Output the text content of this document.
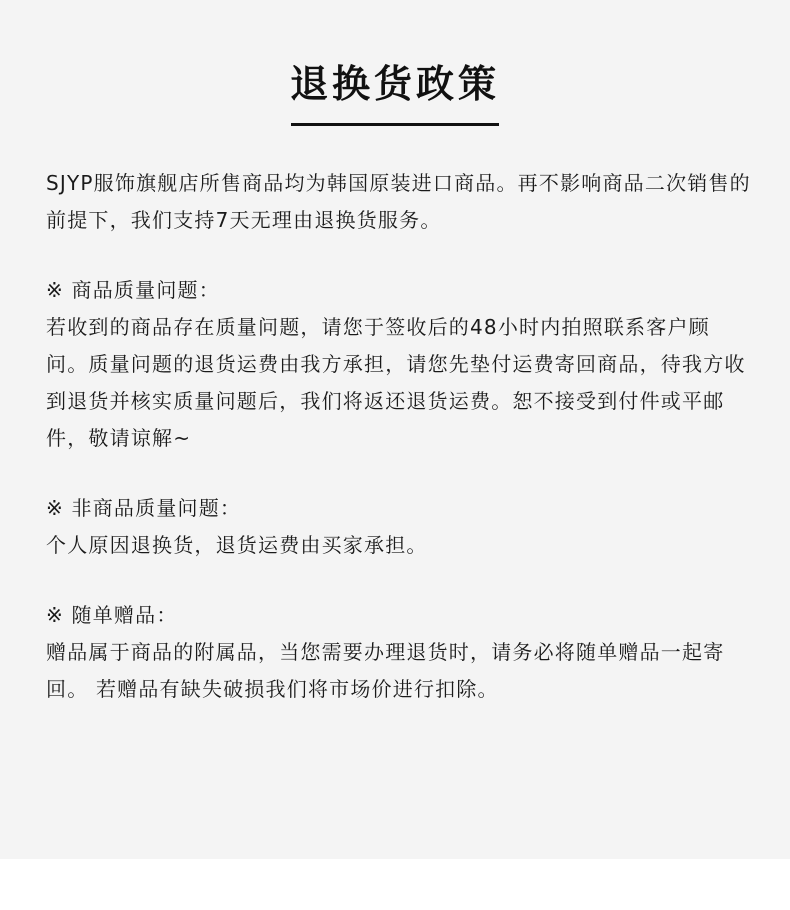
退换货政策

SJYP服饰旗舰店所售商品均为韩国原装进口商品。再不影响商品二次销售的前提下，我们支持7天无理由退换货服务。

※ 商品质量问题：

若收到的商品存在质量问题，请您于签收后的48小时内拍照联系客户顾问。质量问题的退货运费由我方承担，请您先垫付运费寄回商品，待我方收到退货并核实质量问题后，我们将返还退货运费。恕不接受到付件或平邮件，敬请谅解~

※ 非商品质量问题：

个人原因退换货，退货运费由买家承担。

※ 随单赠品：

赠品属于商品的附属品，当您需要办理退货时，请务必将随单赠品一起寄回。 若赠品有缺失破损我们将市场价进行扣除。
